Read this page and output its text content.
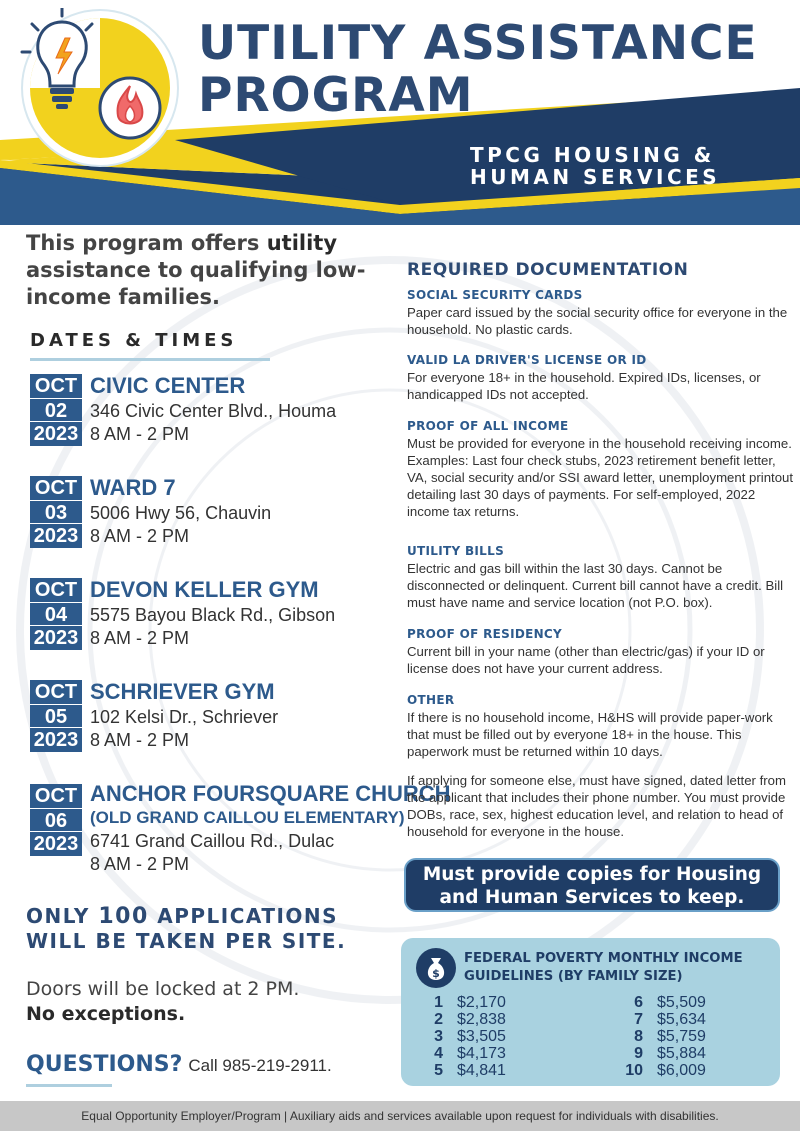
UTILITY ASSISTANCE
PROGRAM
TPCG HOUSING &
HUMAN SERVICES
This program offers utility assistance to qualifying low-income families.
DATES & TIMES
OCT
02
2023
CIVIC CENTER
346 Civic Center Blvd., Houma
8 AM - 2 PM
OCT
03
2023
WARD 7
5006 Hwy 56, Chauvin
8 AM - 2 PM
OCT
04
2023
DEVON KELLER GYM
5575 Bayou Black Rd., Gibson
8 AM - 2 PM
OCT
05
2023
SCHRIEVER GYM
102 Kelsi Dr., Schriever
8 AM - 2 PM
OCT
06
2023
ANCHOR FOURSQUARE CHURCH
(OLD GRAND CAILLOU ELEMENTARY)
6741 Grand Caillou Rd., Dulac
8 AM - 2 PM
ONLY 100 APPLICATIONS WILL BE TAKEN PER SITE.
Doors will be locked at 2 PM.
No exceptions.
QUESTIONS? Call 985-219-2911.
REQUIRED DOCUMENTATION
SOCIAL SECURITY CARDS
Paper card issued by the social security office for everyone in the household. No plastic cards.
VALID LA DRIVER'S LICENSE OR ID
For everyone 18+ in the household. Expired IDs, licenses, or handicapped IDs not accepted.
PROOF OF ALL INCOME
Must be provided for everyone in the household receiving income. Examples: Last four check stubs, 2023 retirement benefit letter, VA, social security and/or SSI award letter, unemployment printout detailing last 30 days of payments. For self-employed, 2022 income tax returns.
UTILITY BILLS
Electric and gas bill within the last 30 days. Cannot be disconnected or delinquent. Current bill cannot have a credit. Bill must have name and service location (not P.O. box).
PROOF OF RESIDENCY
Current bill in your name (other than electric/gas) if your ID or license does not have your current address.
OTHER
If there is no household income, H&HS will provide paper-work that must be filled out by everyone 18+ in the house. This paperwork must be returned within 10 days.
If applying for someone else, must have signed, dated letter from the applicant that includes their phone number. You must provide DOBs, race, sex, highest education level, and relation to head of household for everyone in the house.
Must provide copies for Housing
and Human Services to keep.
$
FEDERAL POVERTY MONTHLY INCOME GUIDELINES (BY FAMILY SIZE)
1 $2,170
2 $2,838
3 $3,505
4 $4,173
5 $4,841
6 $5,509
7 $5,634
8 $5,759
9 $5,884
10 $6,009
Equal Opportunity Employer/Program | Auxiliary aids and services available upon request for individuals with disabilities.
